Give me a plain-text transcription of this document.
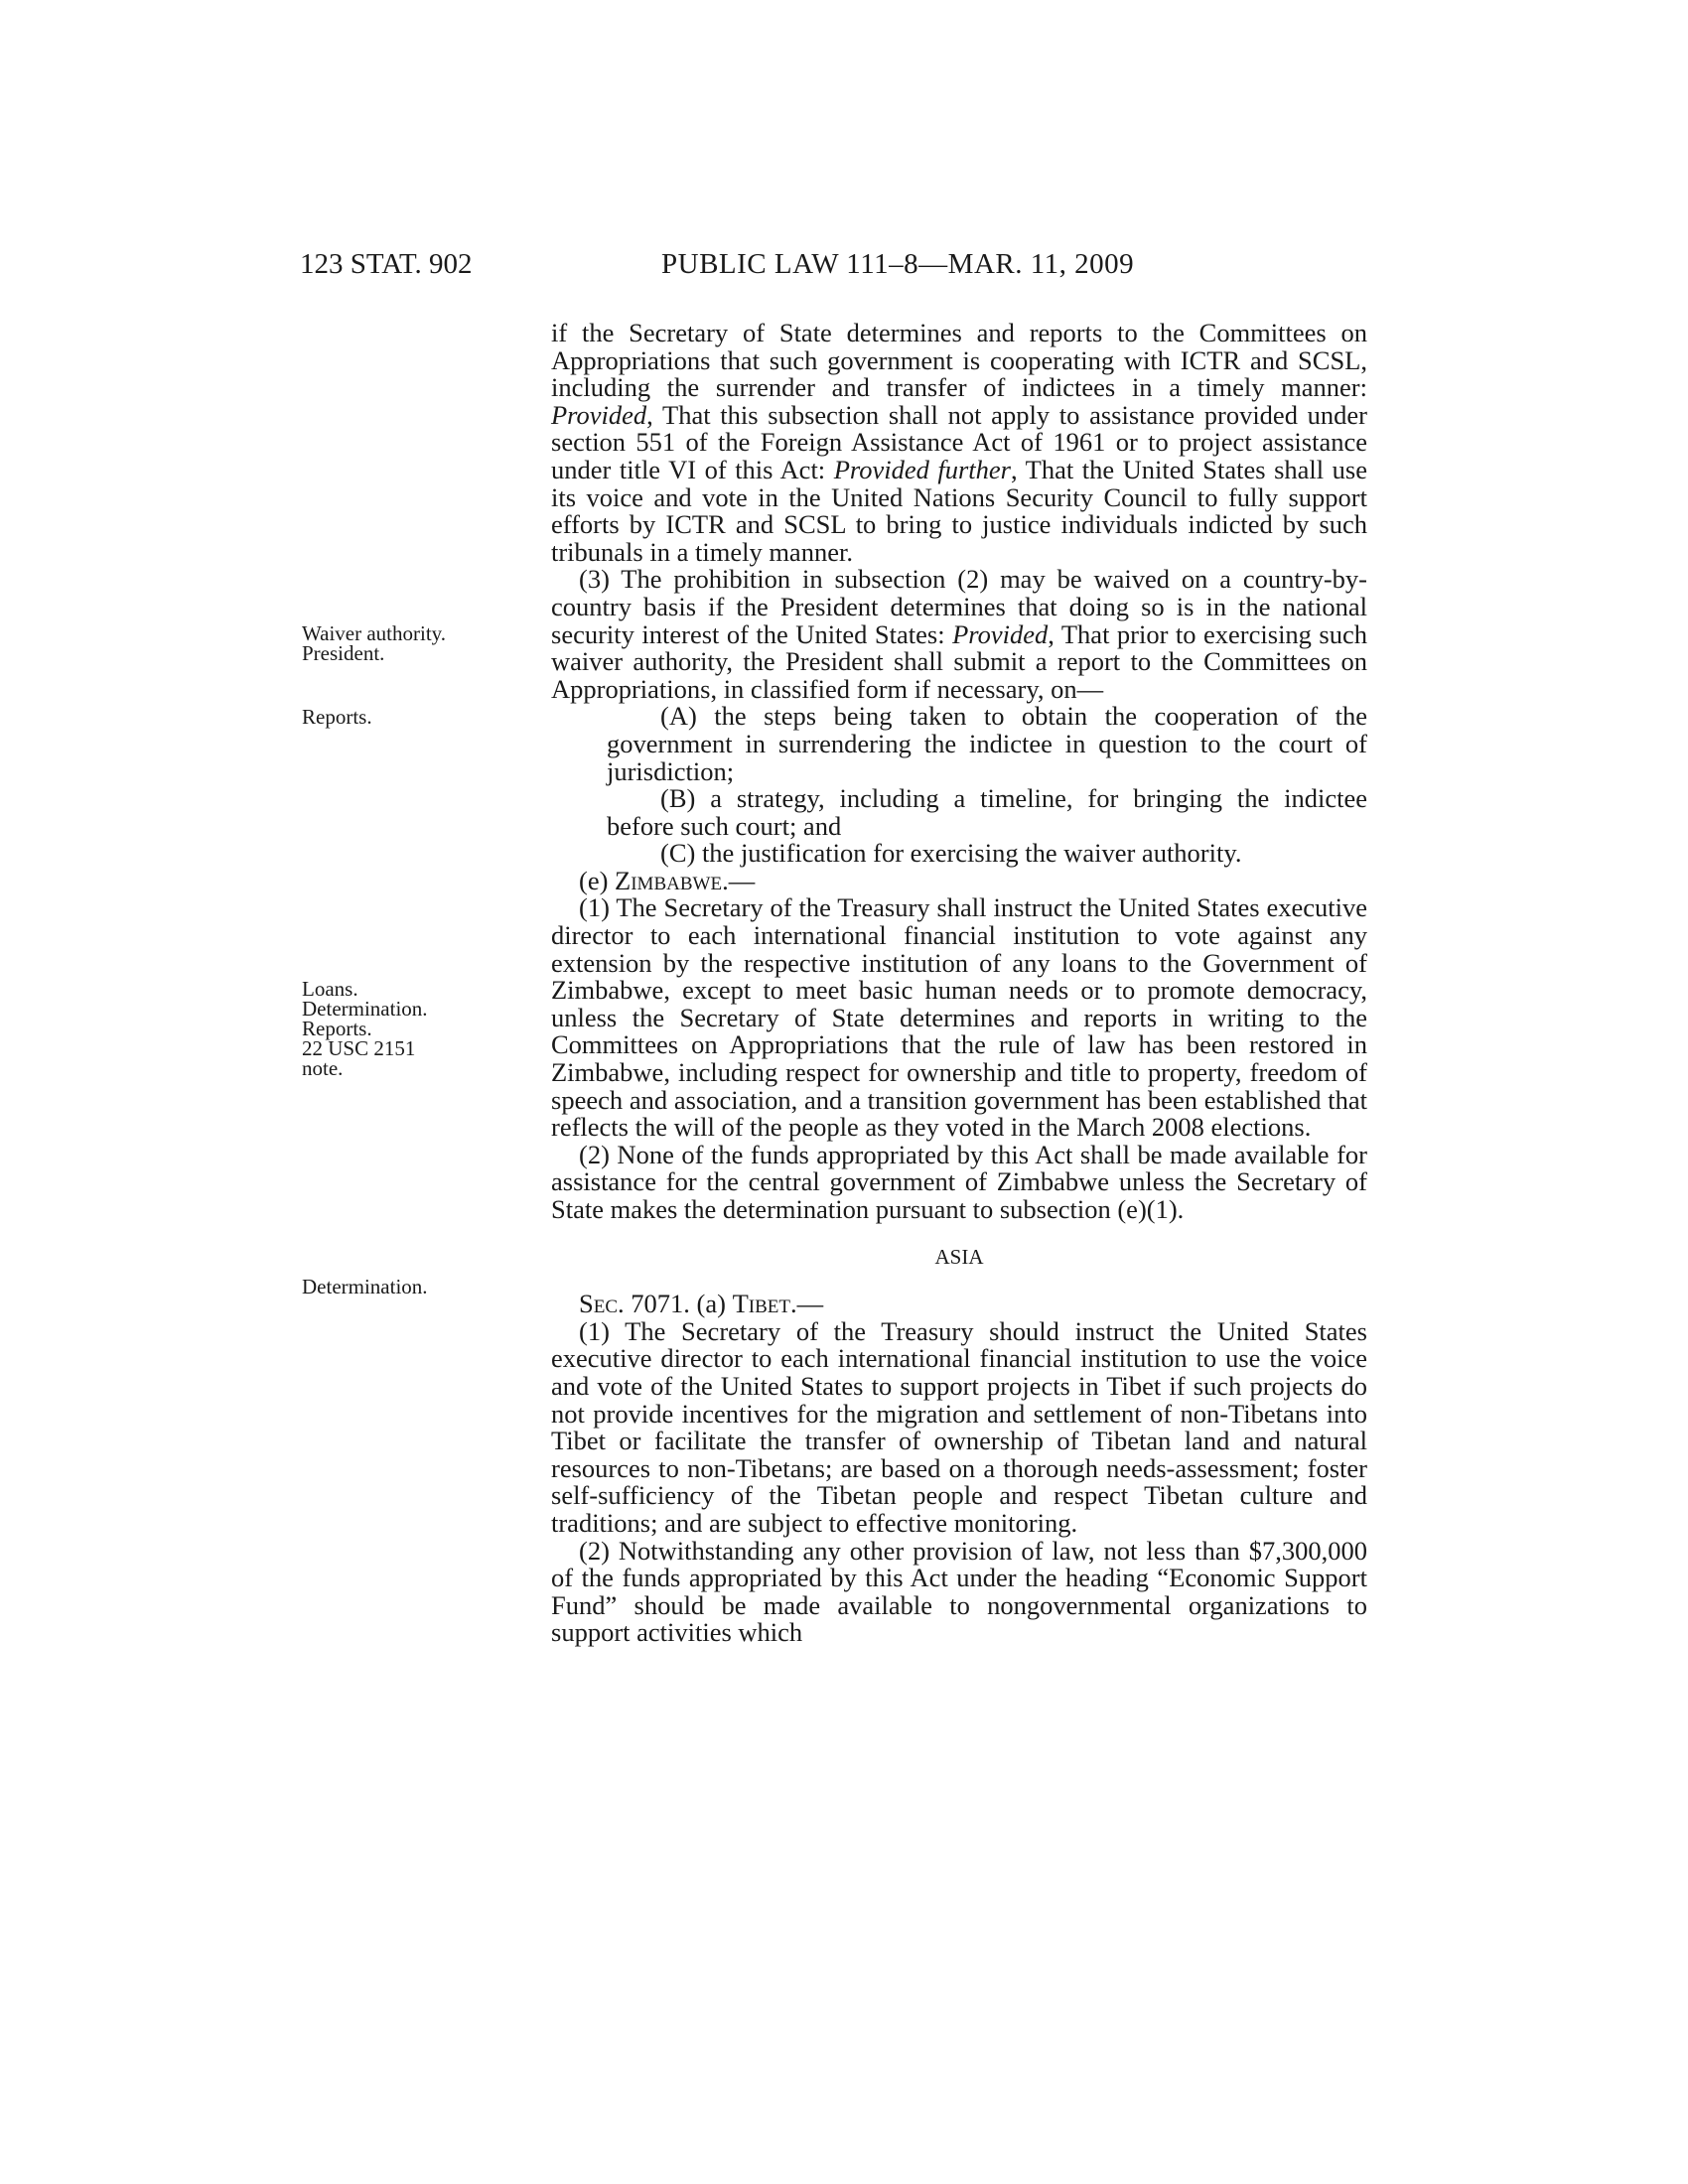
123 STAT. 902	PUBLIC LAW 111–8—MAR. 11, 2009
Waiver authority.
President.
Reports.
Loans.
Determination.
Reports.
22 USC 2151
note.
Determination.

if the Secretary of State determines and reports to the Committees on Appropriations that such government is cooperating with ICTR and SCSL, including the surrender and transfer of indictees in a timely manner: Provided, That this subsection shall not apply to assistance provided under section 551 of the Foreign Assistance Act of 1961 or to project assistance under title VI of this Act: Provided further, That the United States shall use its voice and vote in the United Nations Security Council to fully support efforts by ICTR and SCSL to bring to justice individuals indicted by such tribunals in a timely manner.

(3) The prohibition in subsection (2) may be waived on a country-by-country basis if the President determines that doing so is in the national security interest of the United States: Provided, That prior to exercising such waiver authority, the President shall submit a report to the Committees on Appropriations, in classified form if necessary, on—

(A) the steps being taken to obtain the cooperation of the government in surrendering the indictee in question to the court of jurisdiction;

(B) a strategy, including a timeline, for bringing the indictee before such court; and

(C) the justification for exercising the waiver authority.

(e) Zimbabwe.—

(1) The Secretary of the Treasury shall instruct the United States executive director to each international financial institution to vote against any extension by the respective institution of any loans to the Government of Zimbabwe, except to meet basic human needs or to promote democracy, unless the Secretary of State determines and reports in writing to the Committees on Appropriations that the rule of law has been restored in Zimbabwe, including respect for ownership and title to property, freedom of speech and association, and a transition government has been established that reflects the will of the people as they voted in the March 2008 elections.

(2) None of the funds appropriated by this Act shall be made available for assistance for the central government of Zimbabwe unless the Secretary of State makes the determination pursuant to subsection (e)(1).

ASIA

Sec. 7071. (a) Tibet.—

(1) The Secretary of the Treasury should instruct the United States executive director to each international financial institution to use the voice and vote of the United States to support projects in Tibet if such projects do not provide incentives for the migration and settlement of non-Tibetans into Tibet or facilitate the transfer of ownership of Tibetan land and natural resources to non-Tibetans; are based on a thorough needs-assessment; foster self-sufficiency of the Tibetan people and respect Tibetan culture and traditions; and are subject to effective monitoring.

(2) Notwithstanding any other provision of law, not less than $7,300,000 of the funds appropriated by this Act under the heading “Economic Support Fund” should be made available to nongovernmental organizations to support activities which
